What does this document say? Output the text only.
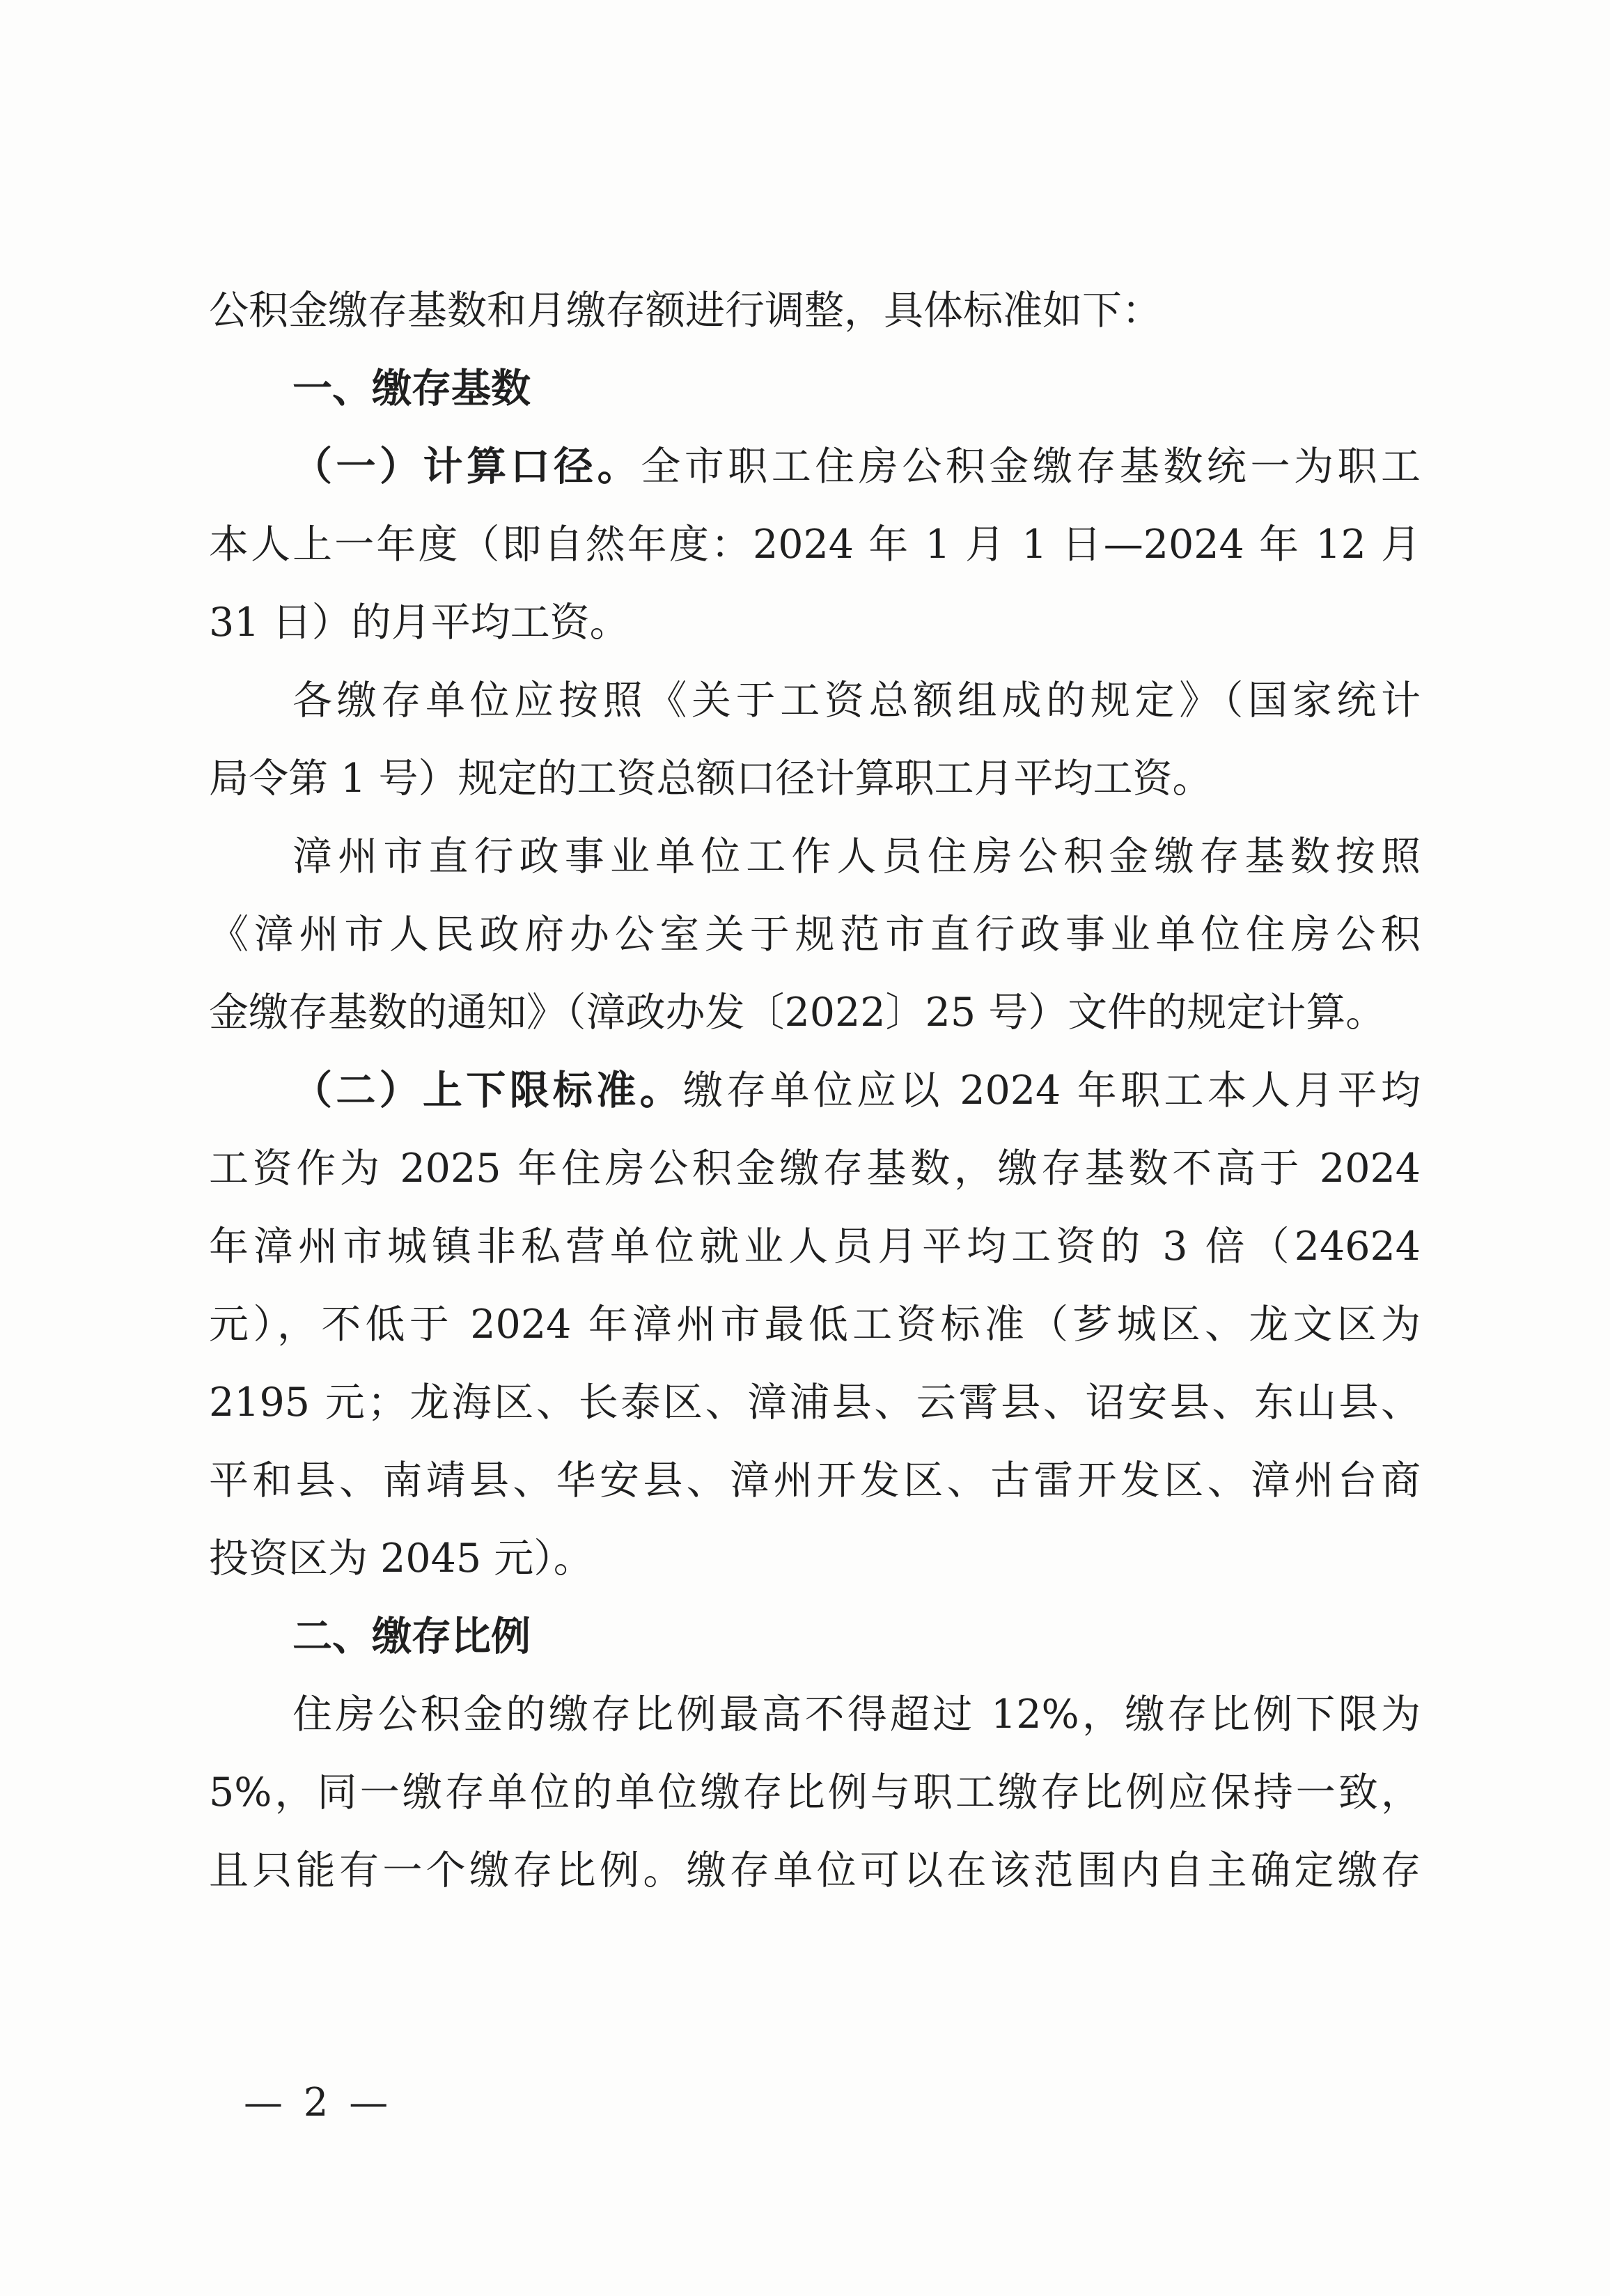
公积金缴存基数和月缴存额进行调整，具体标准如下：
一、缴存基数
（一）计算口径。全市职工住房公积金缴存基数统一为职工
本人上一年度（即自然年度：2024 年 1 月 1 日—2024 年 12 月
31 日）的月平均工资。
各缴存单位应按照《关于工资总额组成的规定》（国家统计
局令第 1 号）规定的工资总额口径计算职工月平均工资。
漳州市直行政事业单位工作人员住房公积金缴存基数按照
《漳州市人民政府办公室关于规范市直行政事业单位住房公积
金缴存基数的通知》（漳政办发〔2022〕25 号）文件的规定计算。
（二）上下限标准。缴存单位应以 2024 年职工本人月平均
工资作为 2025 年住房公积金缴存基数，缴存基数不高于 2024
年漳州市城镇非私营单位就业人员月平均工资的 3 倍（24624
元），不低于 2024 年漳州市最低工资标准（芗城区、龙文区为
2195 元；龙海区、长泰区、漳浦县、云霄县、诏安县、东山县、
平和县、南靖县、华安县、漳州开发区、古雷开发区、漳州台商
投资区为 2045 元）。
二、缴存比例
住房公积金的缴存比例最高不得超过 12%，缴存比例下限为
5%，同一缴存单位的单位缴存比例与职工缴存比例应保持一致，
且只能有一个缴存比例。缴存单位可以在该范围内自主确定缴存
— 2 —
